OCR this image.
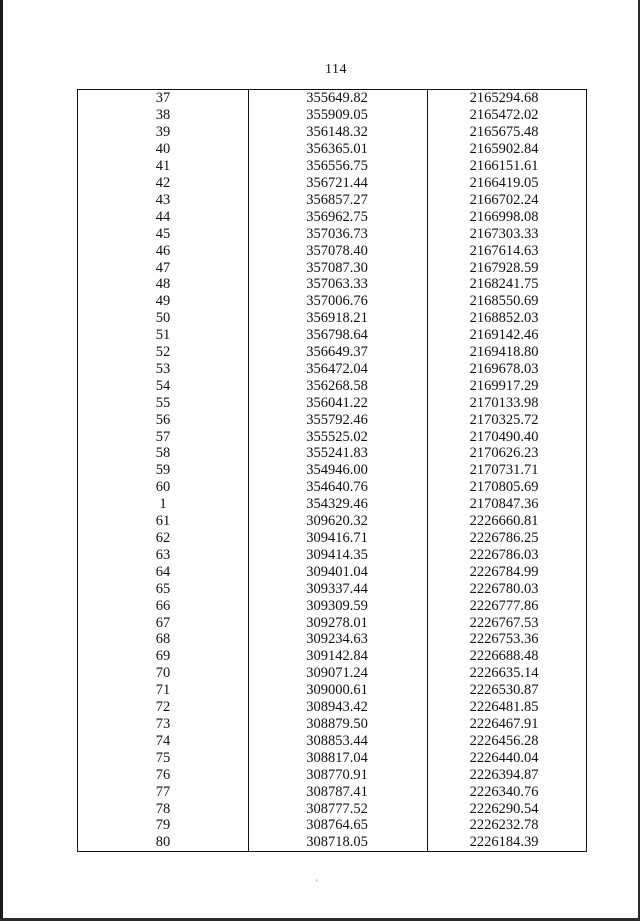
114
37	355649.82	2165294.68
38	355909.05	2165472.02
39	356148.32	2165675.48
40	356365.01	2165902.84
41	356556.75	2166151.61
42	356721.44	2166419.05
43	356857.27	2166702.24
44	356962.75	2166998.08
45	357036.73	2167303.33
46	357078.40	2167614.63
47	357087.30	2167928.59
48	357063.33	2168241.75
49	357006.76	2168550.69
50	356918.21	2168852.03
51	356798.64	2169142.46
52	356649.37	2169418.80
53	356472.04	2169678.03
54	356268.58	2169917.29
55	356041.22	2170133.98
56	355792.46	2170325.72
57	355525.02	2170490.40
58	355241.83	2170626.23
59	354946.00	2170731.71
60	354640.76	2170805.69
1	354329.46	2170847.36
61	309620.32	2226660.81
62	309416.71	2226786.25
63	309414.35	2226786.03
64	309401.04	2226784.99
65	309337.44	2226780.03
66	309309.59	2226777.86
67	309278.01	2226767.53
68	309234.63	2226753.36
69	309142.84	2226688.48
70	309071.24	2226635.14
71	309000.61	2226530.87
72	308943.42	2226481.85
73	308879.50	2226467.91
74	308853.44	2226456.28
75	308817.04	2226440.04
76	308770.91	2226394.87
77	308787.41	2226340.76
78	308777.52	2226290.54
79	308764.65	2226232.78
80	308718.05	2226184.39
'
